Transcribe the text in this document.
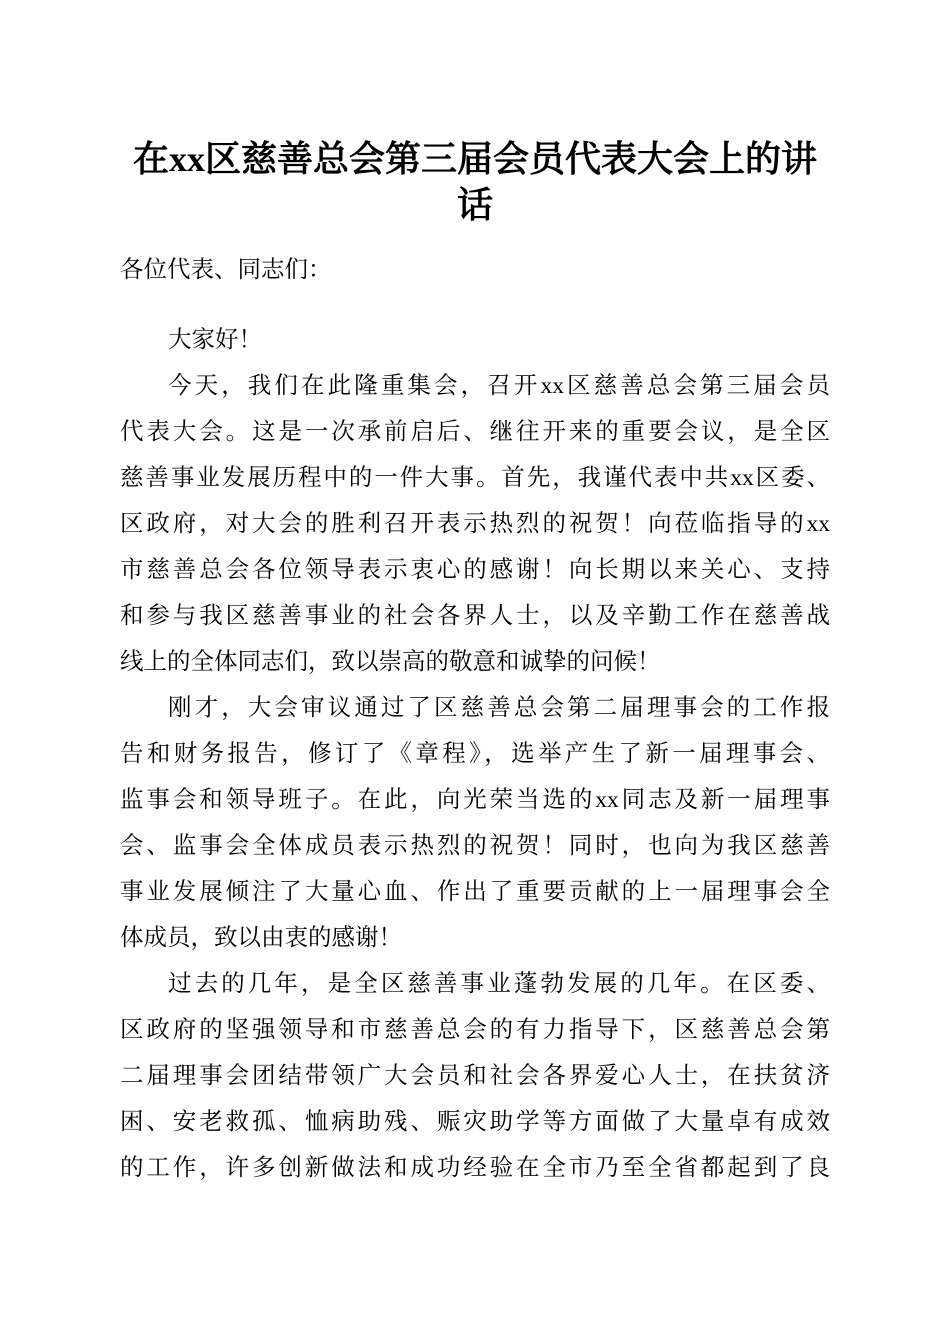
在xx区慈善总会第三届会员代表大会上的讲
话
各位代表、同志们：
大家好！
今天，我们在此隆重集会，召开xx区慈善总会第三届会员
代表大会。这是一次承前启后、继往开来的重要会议，是全区
慈善事业发展历程中的一件大事。首先，我谨代表中共xx区委、
区政府，对大会的胜利召开表示热烈的祝贺！向莅临指导的xx
市慈善总会各位领导表示衷心的感谢！向长期以来关心、支持
和参与我区慈善事业的社会各界人士，以及辛勤工作在慈善战
线上的全体同志们，致以崇高的敬意和诚挚的问候！
刚才，大会审议通过了区慈善总会第二届理事会的工作报
告和财务报告，修订了《章程》，选举产生了新一届理事会、
监事会和领导班子。在此，向光荣当选的xx同志及新一届理事
会、监事会全体成员表示热烈的祝贺！同时，也向为我区慈善
事业发展倾注了大量心血、作出了重要贡献的上一届理事会全
体成员，致以由衷的感谢！
过去的几年，是全区慈善事业蓬勃发展的几年。在区委、
区政府的坚强领导和市慈善总会的有力指导下，区慈善总会第
二届理事会团结带领广大会员和社会各界爱心人士，在扶贫济
困、安老救孤、恤病助残、赈灾助学等方面做了大量卓有成效
的工作，许多创新做法和成功经验在全市乃至全省都起到了良
